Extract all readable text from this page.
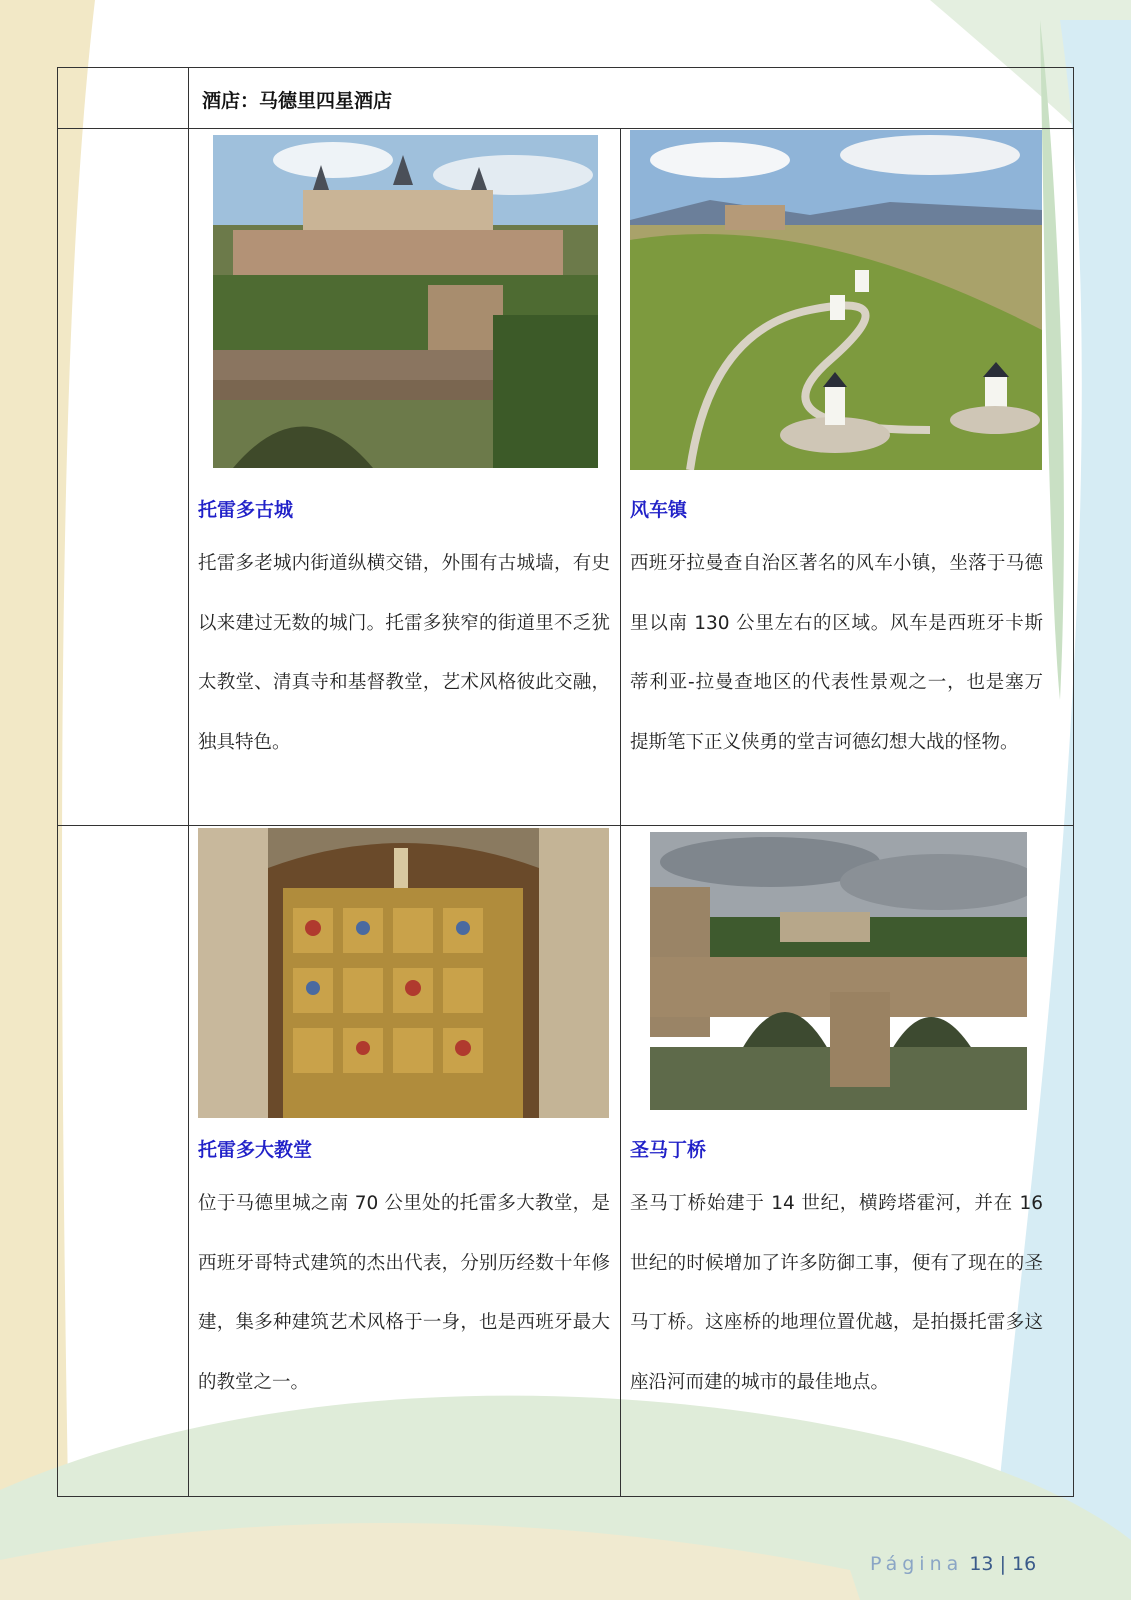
酒店：马德里四星酒店
托雷多古城	风车镇
托雷多老城内街道纵横交错，外围有古城墙，有史以来建过无数的城门。托雷多狭窄的街道里不乏犹太教堂、清真寺和基督教堂，艺术风格彼此交融，独具特色。
西班牙拉曼查自治区著名的风车小镇，坐落于马德里以南 130 公里左右的区域。风车是西班牙卡斯蒂利亚-拉曼查地区的代表性景观之一，也是塞万提斯笔下正义侠勇的堂吉诃德幻想大战的怪物。
托雷多大教堂	圣马丁桥
位于马德里城之南 70 公里处的托雷多大教堂，是西班牙哥特式建筑的杰出代表，分别历经数十年修建，集多种建筑艺术风格于一身，也是西班牙最大的教堂之一。
圣马丁桥始建于 14 世纪，横跨塔霍河，并在 16 世纪的时候增加了许多防御工事，便有了现在的圣马丁桥。这座桥的地理位置优越，是拍摄托雷多这座沿河而建的城市的最佳地点。
Página 13 | 16
